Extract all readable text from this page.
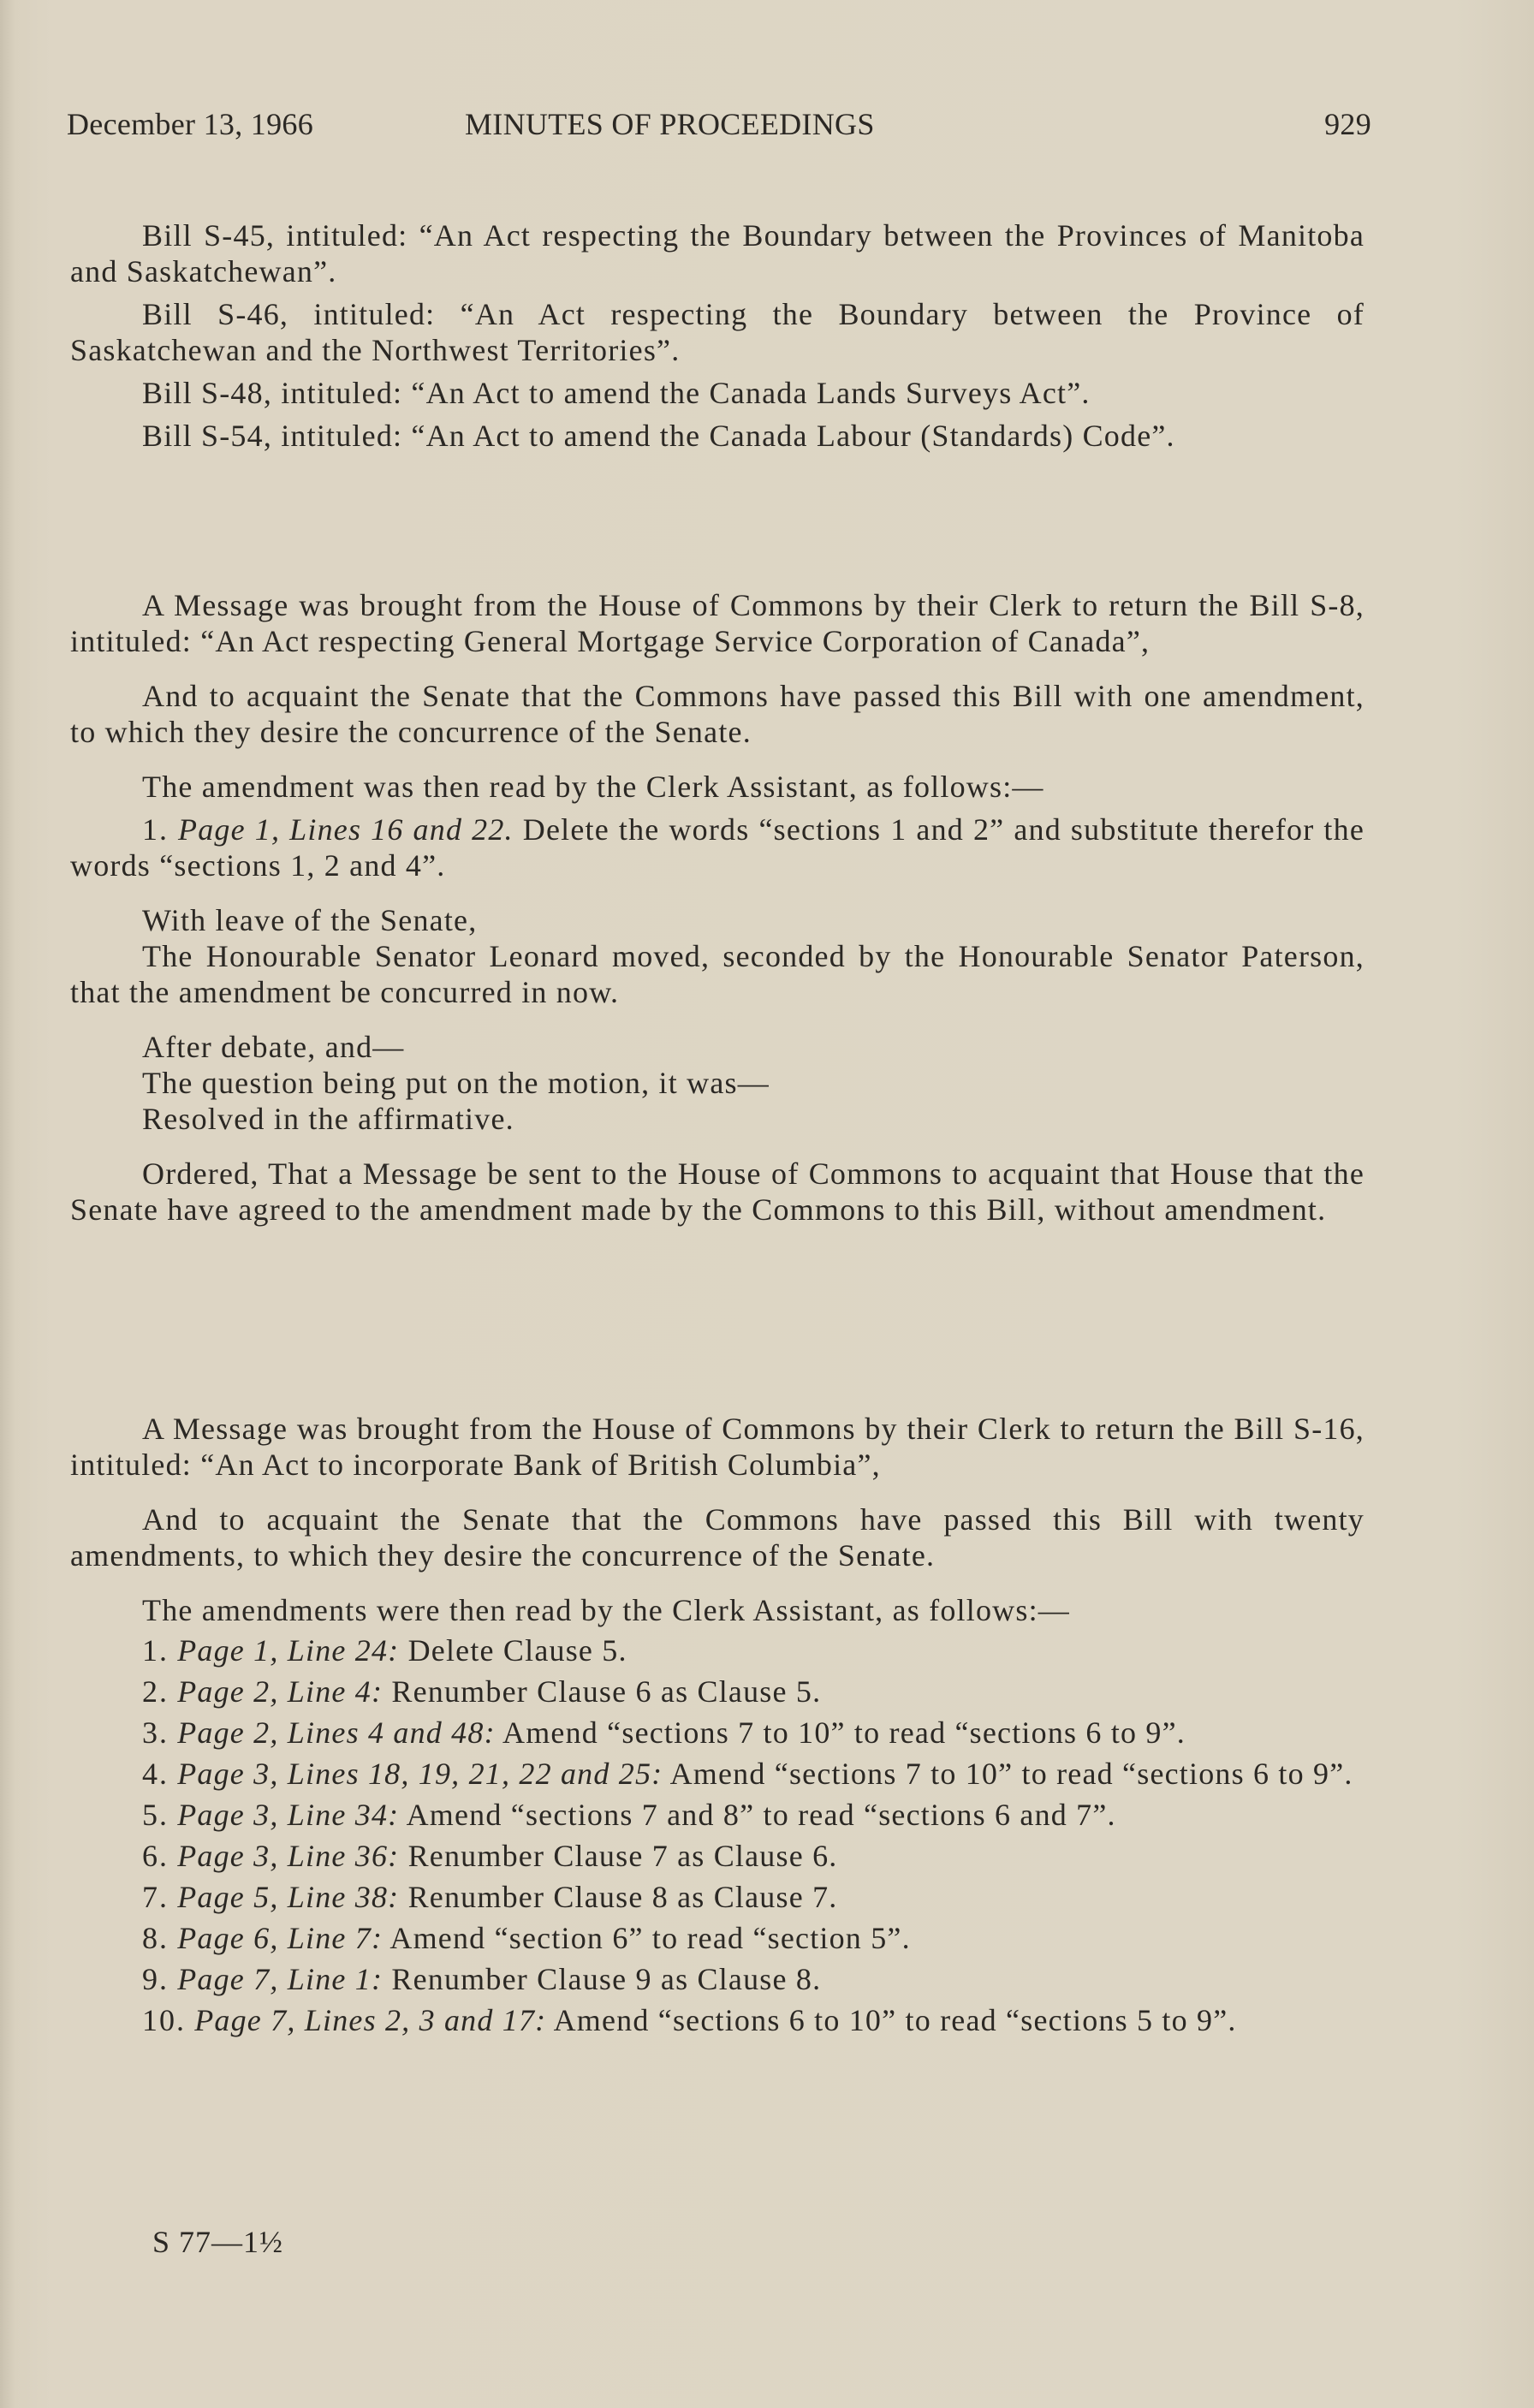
December 13, 1966	MINUTES OF PROCEEDINGS	929

Bill S-45, intituled: “An Act respecting the Boundary between the Provinces of Manitoba and Saskatchewan”.

Bill S-46, intituled: “An Act respecting the Boundary between the Province of Saskatchewan and the Northwest Territories”.

Bill S-48, intituled: “An Act to amend the Canada Lands Surveys Act”.

Bill S-54, intituled: “An Act to amend the Canada Labour (Standards) Code”.

A Message was brought from the House of Commons by their Clerk to return the Bill S-8, intituled: “An Act respecting General Mortgage Service Corporation of Canada”,

And to acquaint the Senate that the Commons have passed this Bill with one amendment, to which they desire the concurrence of the Senate.

The amendment was then read by the Clerk Assistant, as follows:—

1. Page 1, Lines 16 and 22. Delete the words “sections 1 and 2” and substitute therefor the words “sections 1, 2 and 4”.

With leave of the Senate,

The Honourable Senator Leonard moved, seconded by the Honourable Senator Paterson, that the amendment be concurred in now.

After debate, and—

The question being put on the motion, it was—

Resolved in the affirmative.

Ordered, That a Message be sent to the House of Commons to acquaint that House that the Senate have agreed to the amendment made by the Commons to this Bill, without amendment.

A Message was brought from the House of Commons by their Clerk to return the Bill S-16, intituled: “An Act to incorporate Bank of British Columbia”,

And to acquaint the Senate that the Commons have passed this Bill with twenty amendments, to which they desire the concurrence of the Senate.

The amendments were then read by the Clerk Assistant, as follows:—

1. Page 1, Line 24: Delete Clause 5.

2. Page 2, Line 4: Renumber Clause 6 as Clause 5.

3. Page 2, Lines 4 and 48: Amend “sections 7 to 10” to read “sections 6 to 9”.

4. Page 3, Lines 18, 19, 21, 22 and 25: Amend “sections 7 to 10” to read “sections 6 to 9”.

5. Page 3, Line 34: Amend “sections 7 and 8” to read “sections 6 and 7”.

6. Page 3, Line 36: Renumber Clause 7 as Clause 6.

7. Page 5, Line 38: Renumber Clause 8 as Clause 7.

8. Page 6, Line 7: Amend “section 6” to read “section 5”.

9. Page 7, Line 1: Renumber Clause 9 as Clause 8.

10. Page 7, Lines 2, 3 and 17: Amend “sections 6 to 10” to read “sections 5 to 9”.

S 77—1½
